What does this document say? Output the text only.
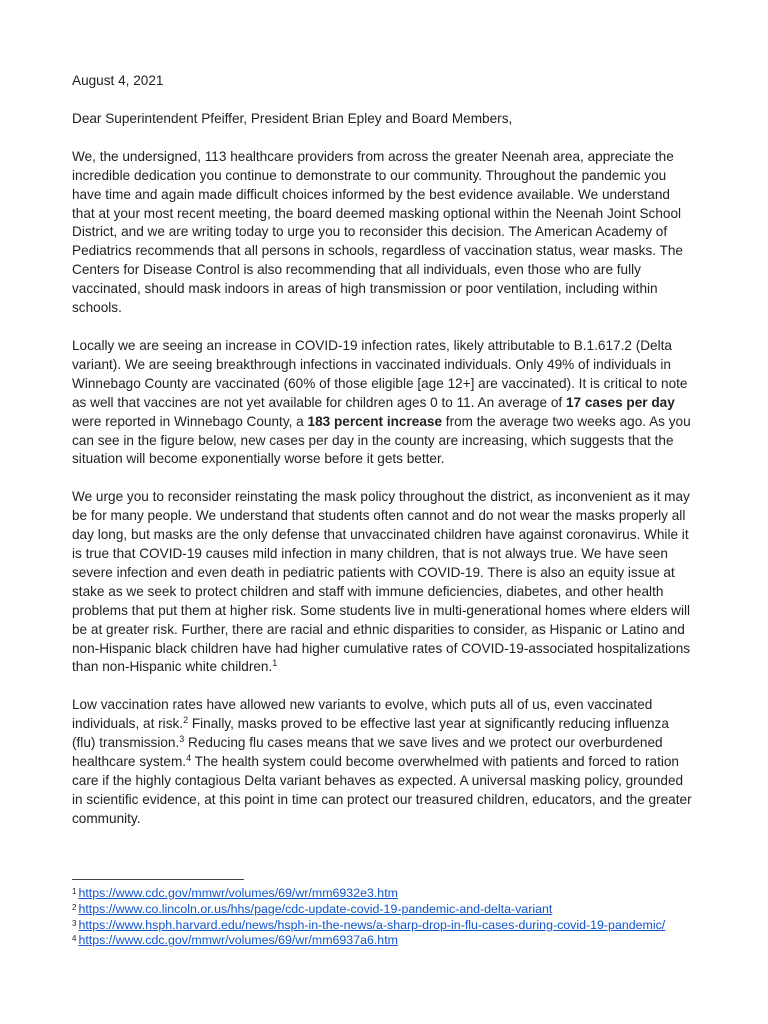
August 4, 2021

Dear Superintendent Pfeiffer, President Brian Epley and Board Members,

We, the undersigned, 113 healthcare providers from across the greater Neenah area, appreciate the incredible dedication you continue to demonstrate to our community. Throughout the pandemic you have time and again made difficult choices informed by the best evidence available. We understand that at your most recent meeting, the board deemed masking optional within the Neenah Joint School District, and we are writing today to urge you to reconsider this decision. The American Academy of Pediatrics recommends that all persons in schools, regardless of vaccination status, wear masks. The Centers for Disease Control is also recommending that all individuals, even those who are fully vaccinated, should mask indoors in areas of high transmission or poor ventilation, including within schools.

Locally we are seeing an increase in COVID-19 infection rates, likely attributable to B.1.617.2 (Delta variant). We are seeing breakthrough infections in vaccinated individuals. Only 49% of individuals in Winnebago County are vaccinated (60% of those eligible [age 12+] are vaccinated). It is critical to note as well that vaccines are not yet available for children ages 0 to 11. An average of 17 cases per day were reported in Winnebago County, a 183 percent increase from the average two weeks ago. As you can see in the figure below, new cases per day in the county are increasing, which suggests that the situation will become exponentially worse before it gets better.

We urge you to reconsider reinstating the mask policy throughout the district, as inconvenient as it may be for many people. We understand that students often cannot and do not wear the masks properly all day long, but masks are the only defense that unvaccinated children have against coronavirus. While it is true that COVID-19 causes mild infection in many children, that is not always true. We have seen severe infection and even death in pediatric patients with COVID-19. There is also an equity issue at stake as we seek to protect children and staff with immune deficiencies, diabetes, and other health problems that put them at higher risk. Some students live in multi-generational homes where elders will be at greater risk. Further, there are racial and ethnic disparities to consider, as Hispanic or Latino and non-Hispanic black children have had higher cumulative rates of COVID-19-associated hospitalizations than non-Hispanic white children.$^1$

Low vaccination rates have allowed new variants to evolve, which puts all of us, even vaccinated individuals, at risk.$^2$ Finally, masks proved to be effective last year at significantly reducing influenza (flu) transmission.$^3$ Reducing flu cases means that we save lives and we protect our overburdened healthcare system.$^4$ The health system could become overwhelmed with patients and forced to ration care if the highly contagious Delta variant behaves as expected. A universal masking policy, grounded in scientific evidence, at this point in time can protect our treasured children, educators, and the greater community.

$^1$ https://www.cdc.gov/mmwr/volumes/69/wr/mm6932e3.htm
$^2$ https://www.co.lincoln.or.us/hhs/page/cdc-update-covid-19-pandemic-and-delta-variant
$^3$ https://www.hsph.harvard.edu/news/hsph-in-the-news/a-sharp-drop-in-flu-cases-during-covid-19-pandemic/
$^4$ https://www.cdc.gov/mmwr/volumes/69/wr/mm6937a6.htm
